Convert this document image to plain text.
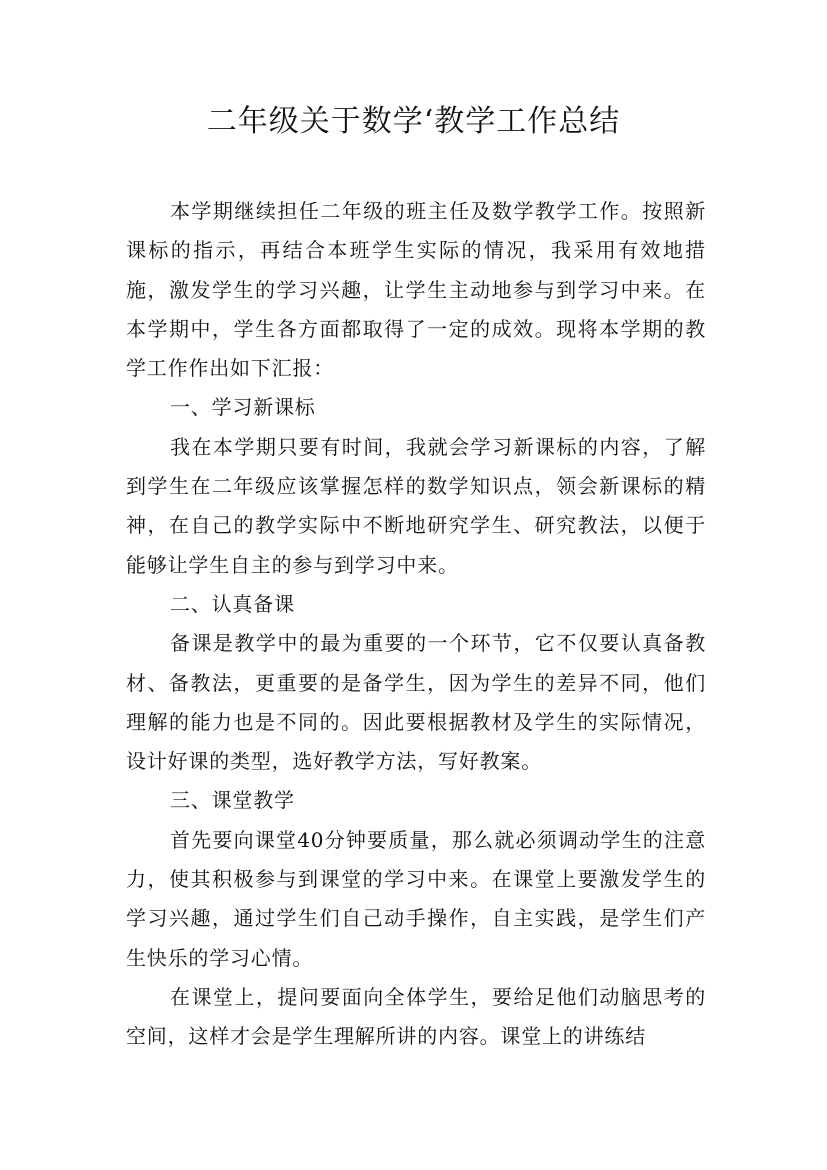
二年级关于数学‘教学工作总结

本学期继续担任二年级的班主任及数学教学工作。按照新课标的指示，再结合本班学生实际的情况，我采用有效地措施，激发学生的学习兴趣，让学生主动地参与到学习中来。在本学期中，学生各方面都取得了一定的成效。现将本学期的教学工作作出如下汇报：

一、学习新课标

我在本学期只要有时间，我就会学习新课标的内容，了解到学生在二年级应该掌握怎样的数学知识点，领会新课标的精神，在自己的教学实际中不断地研究学生、研究教法，以便于能够让学生自主的参与到学习中来。

二、认真备课

备课是教学中的最为重要的一个环节，它不仅要认真备教材、备教法，更重要的是备学生，因为学生的差异不同，他们理解的能力也是不同的。因此要根据教材及学生的实际情况，设计好课的类型，选好教学方法，写好教案。

三、课堂教学

首先要向课堂40分钟要质量，那么就必须调动学生的注意力，使其积极参与到课堂的学习中来。在课堂上要激发学生的学习兴趣，通过学生们自己动手操作，自主实践，是学生们产生快乐的学习心情。

在课堂上，提问要面向全体学生，要给足他们动脑思考的空间，这样才会是学生理解所讲的内容。课堂上的讲练结
